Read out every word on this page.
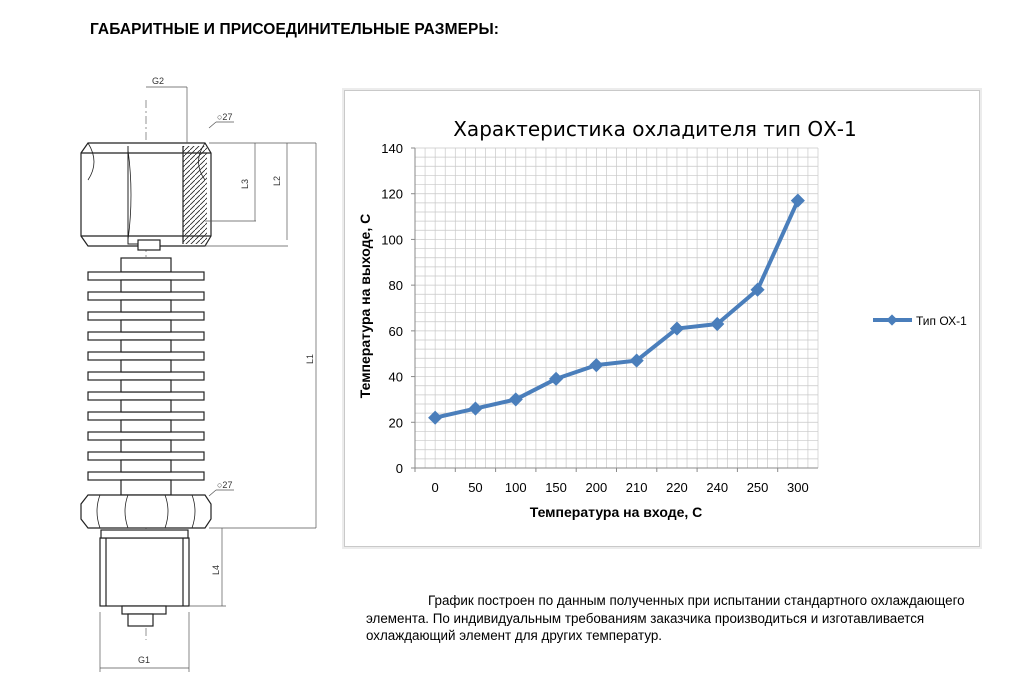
ГАБАРИТНЫЕ И ПРИСОЕДИНИТЕЛЬНЫЕ РАЗМЕРЫ:
G2
○27
○27
L3 L2
L1
L4
G1
0
20
40
60
80
100
120
140
0 50 100 150 200 210 220 240 250 300
Характеристика охладителя тип ОХ-1
Температура на входе, С
Температура на выходе, С	Тип ОХ-1

График построен по данным полученных при испытании стандартного охлаждающего элемента. По индивидуальным требованиям заказчика производиться и изготавливается охлаждающий элемент для других температур.
